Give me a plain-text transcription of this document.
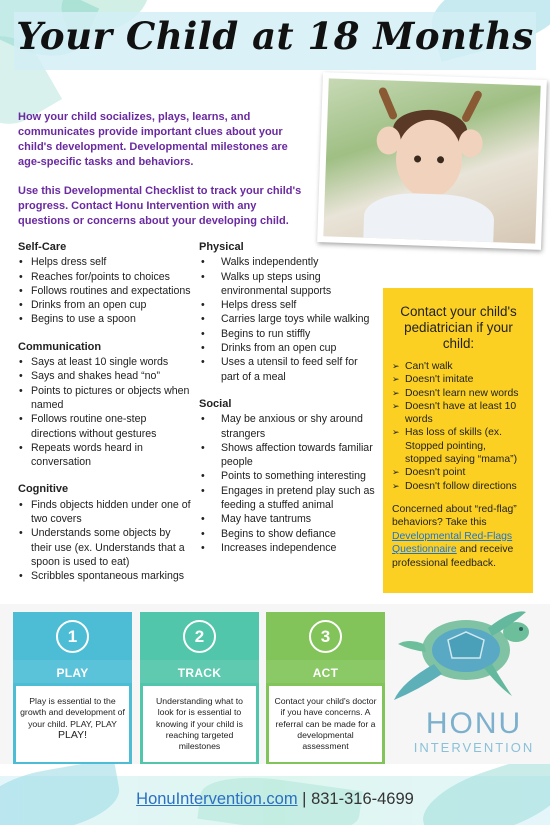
Your Child at 18 Months

How your child socializes, plays, learns, and communicates provide important clues about your child's development. Developmental milestones are age-specific tasks and behaviors.

Use this Developmental Checklist to track your child's progress. Contact Honu Intervention with any questions or concerns about your developing child.

Self-Care
• Helps dress self
• Reaches for/points to choices
• Follows routines and expectations
• Drinks from an open cup
• Begins to use a spoon
Communication
• Says at least 10 single words
• Says and shakes head “no”
• Points to pictures or objects when named
• Follows routine one-step directions without gestures
• Repeats words heard in conversation
Cognitive
• Finds objects hidden under one of two covers
• Understands some objects by their use (ex. Understands that a spoon is used to eat)
• Scribbles spontaneous markings
Physical
• Walks independently
• Walks up steps using environmental supports
• Helps dress self
• Carries large toys while walking
• Begins to run stiffly
• Drinks from an open cup
• Uses a utensil to feed self for part of a meal
Social
• May be anxious or shy around strangers
• Shows affection towards familiar people
• Points to something interesting
• Engages in pretend play such as feeding a stuffed animal
• May have tantrums
• Begins to show defiance
• Increases independence
Contact your child's pediatrician if your child:
➢ Can't walk
➢ Doesn't imitate
➢ Doesn't learn new words
➢ Doesn't have at least 10 words
➢ Has loss of skills (ex. Stopped pointing, stopped saying “mama”)
➢ Doesn't point
➢ Doesn't follow directions
Concerned about “red-flag” behaviors? Take this Developmental Red-Flags Questionnaire and receive professional feedback.
1
PLAY
Play is essential to the growth and development of your child. PLAY, PLAY
PLAY!
2
TRACK
Understanding what to look for is essential to knowing if your child is reaching targeted milestones
3
ACT
Contact your child's doctor if you have concerns. A referral can be made for a developmental assessment
HONU
INTERVENTION
HonuIntervention.com | 831-316-4699
